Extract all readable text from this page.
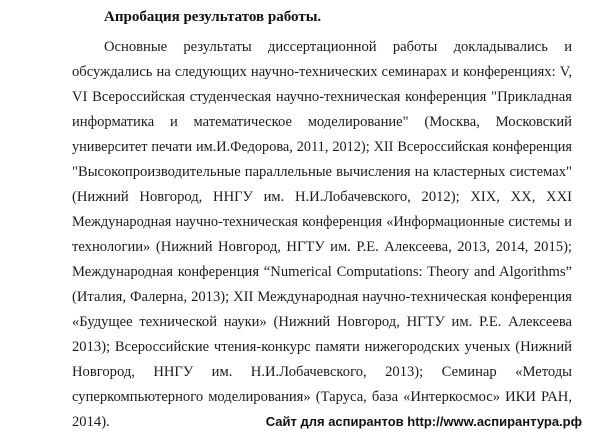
Апробация результатов работы.
Основные результаты диссертационной работы докладывались и
обсуждались на следующих научно-технических семинарах и конференциях: V,
VI Всероссийская студенческая научно-техническая конференция "Прикладная
информатика и математическое моделирование" (Москва, Московский
университет печати им.И.Федорова, 2011, 2012); XII Всероссийская конференция
"Высокопроизводительные параллельные вычисления на кластерных системах"
(Нижний Новгород, ННГУ им. Н.И.Лобачевского, 2012); XIX, XX, XXI
Международная научно-техническая конференция «Информационные системы и
технологии» (Нижний Новгород, НГТУ им. Р.Е. Алексеева, 2013, 2014, 2015);
Международная конференция “Numerical Computations: Theory and Algorithms”
(Италия, Фалерна, 2013); XII Международная научно-техническая конференция
«Будущее технической науки» (Нижний Новгород, НГТУ им. Р.Е. Алексеева
2013); Всероссийские чтения-конкурс памяти нижегородских ученых (Нижний
Новгород, ННГУ им. Н.И.Лобачевского, 2013); Семинар «Методы
суперкомпьютерного моделирования» (Таруса, база «Интеркосмос» ИКИ РАН,
2014).	Сайт для аспирантов http://www.аспирантура.рф
